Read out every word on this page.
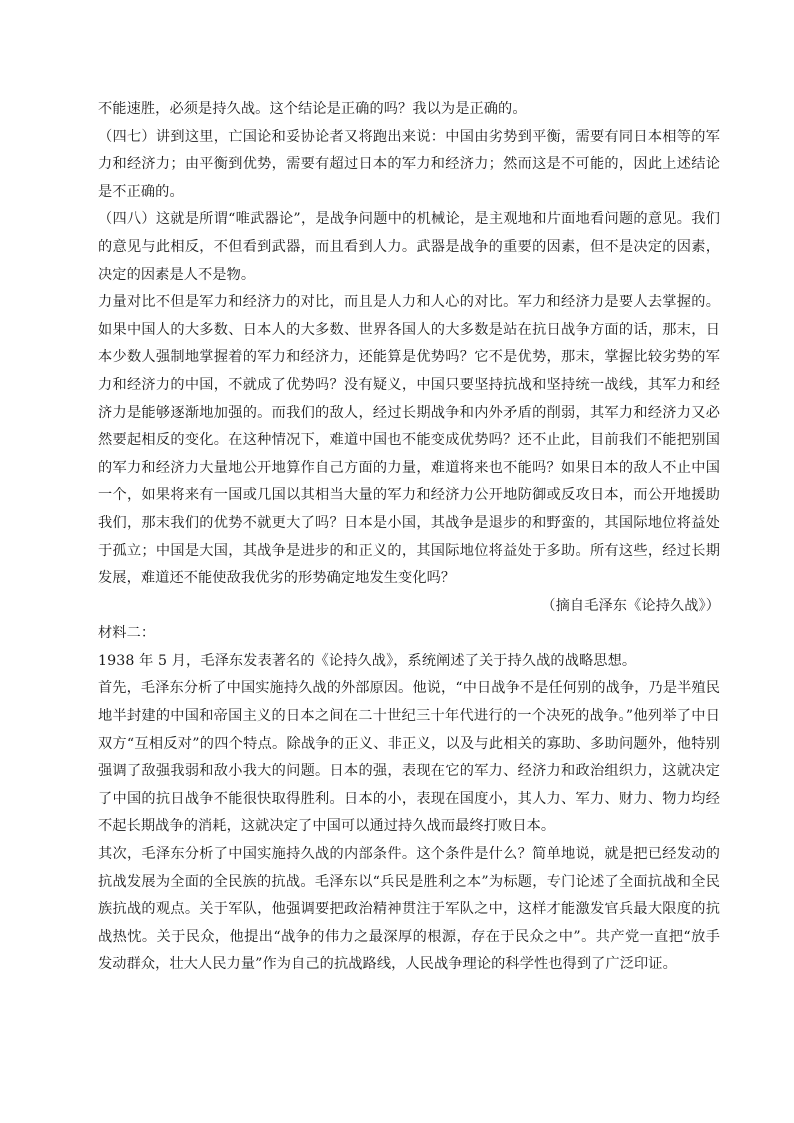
不能速胜，必须是持久战。这个结论是正确的吗？我以为是正确的。

（四七）讲到这里，亡国论和妥协论者又将跑出来说：中国由劣势到平衡，需要有同日本相等的军力和经济力；由平衡到优势，需要有超过日本的军力和经济力；然而这是不可能的，因此上述结论是不正确的。

（四八）这就是所谓“唯武器论”，是战争问题中的机械论，是主观地和片面地看问题的意见。我们的意见与此相反，不但看到武器，而且看到人力。武器是战争的重要的因素，但不是决定的因素，决定的因素是人不是物。

力量对比不但是军力和经济力的对比，而且是人力和人心的对比。军力和经济力是要人去掌握的。如果中国人的大多数、日本人的大多数、世界各国人的大多数是站在抗日战争方面的话，那末，日本少数人强制地掌握着的军力和经济力，还能算是优势吗？它不是优势，那末，掌握比较劣势的军力和经济力的中国，不就成了优势吗？没有疑义，中国只要坚持抗战和坚持统一战线，其军力和经济力是能够逐渐地加强的。而我们的敌人，经过长期战争和内外矛盾的削弱，其军力和经济力又必然要起相反的变化。在这种情况下，难道中国也不能变成优势吗？还不止此，目前我们不能把别国的军力和经济力大量地公开地算作自己方面的力量，难道将来也不能吗？如果日本的敌人不止中国一个，如果将来有一国或几国以其相当大量的军力和经济力公开地防御或反攻日本，而公开地援助我们，那末我们的优势不就更大了吗？日本是小国，其战争是退步的和野蛮的，其国际地位将益处于孤立；中国是大国，其战争是进步的和正义的，其国际地位将益处于多助。所有这些，经过长期发展，难道还不能使敌我优劣的形势确定地发生变化吗？

（摘自毛泽东《论持久战》）

材料二：

1938 年 5 月，毛泽东发表著名的《论持久战》，系统阐述了关于持久战的战略思想。

首先，毛泽东分析了中国实施持久战的外部原因。他说，“中日战争不是任何别的战争，乃是半殖民地半封建的中国和帝国主义的日本之间在二十世纪三十年代进行的一个决死的战争。”他列举了中日双方“互相反对”的四个特点。除战争的正义、非正义，以及与此相关的寡助、多助问题外，他特别强调了敌强我弱和敌小我大的问题。日本的强，表现在它的军力、经济力和政治组织力，这就决定了中国的抗日战争不能很快取得胜利。日本的小，表现在国度小，其人力、军力、财力、物力均经不起长期战争的消耗，这就决定了中国可以通过持久战而最终打败日本。

其次，毛泽东分析了中国实施持久战的内部条件。这个条件是什么？简单地说，就是把已经发动的抗战发展为全面的全民族的抗战。毛泽东以“兵民是胜利之本”为标题，专门论述了全面抗战和全民族抗战的观点。关于军队，他强调要把政治精神贯注于军队之中，这样才能激发官兵最大限度的抗战热忱。关于民众，他提出“战争的伟力之最深厚的根源，存在于民众之中”。共产党一直把“放手发动群众，壮大人民力量”作为自己的抗战路线，人民战争理论的科学性也得到了广泛印证。
